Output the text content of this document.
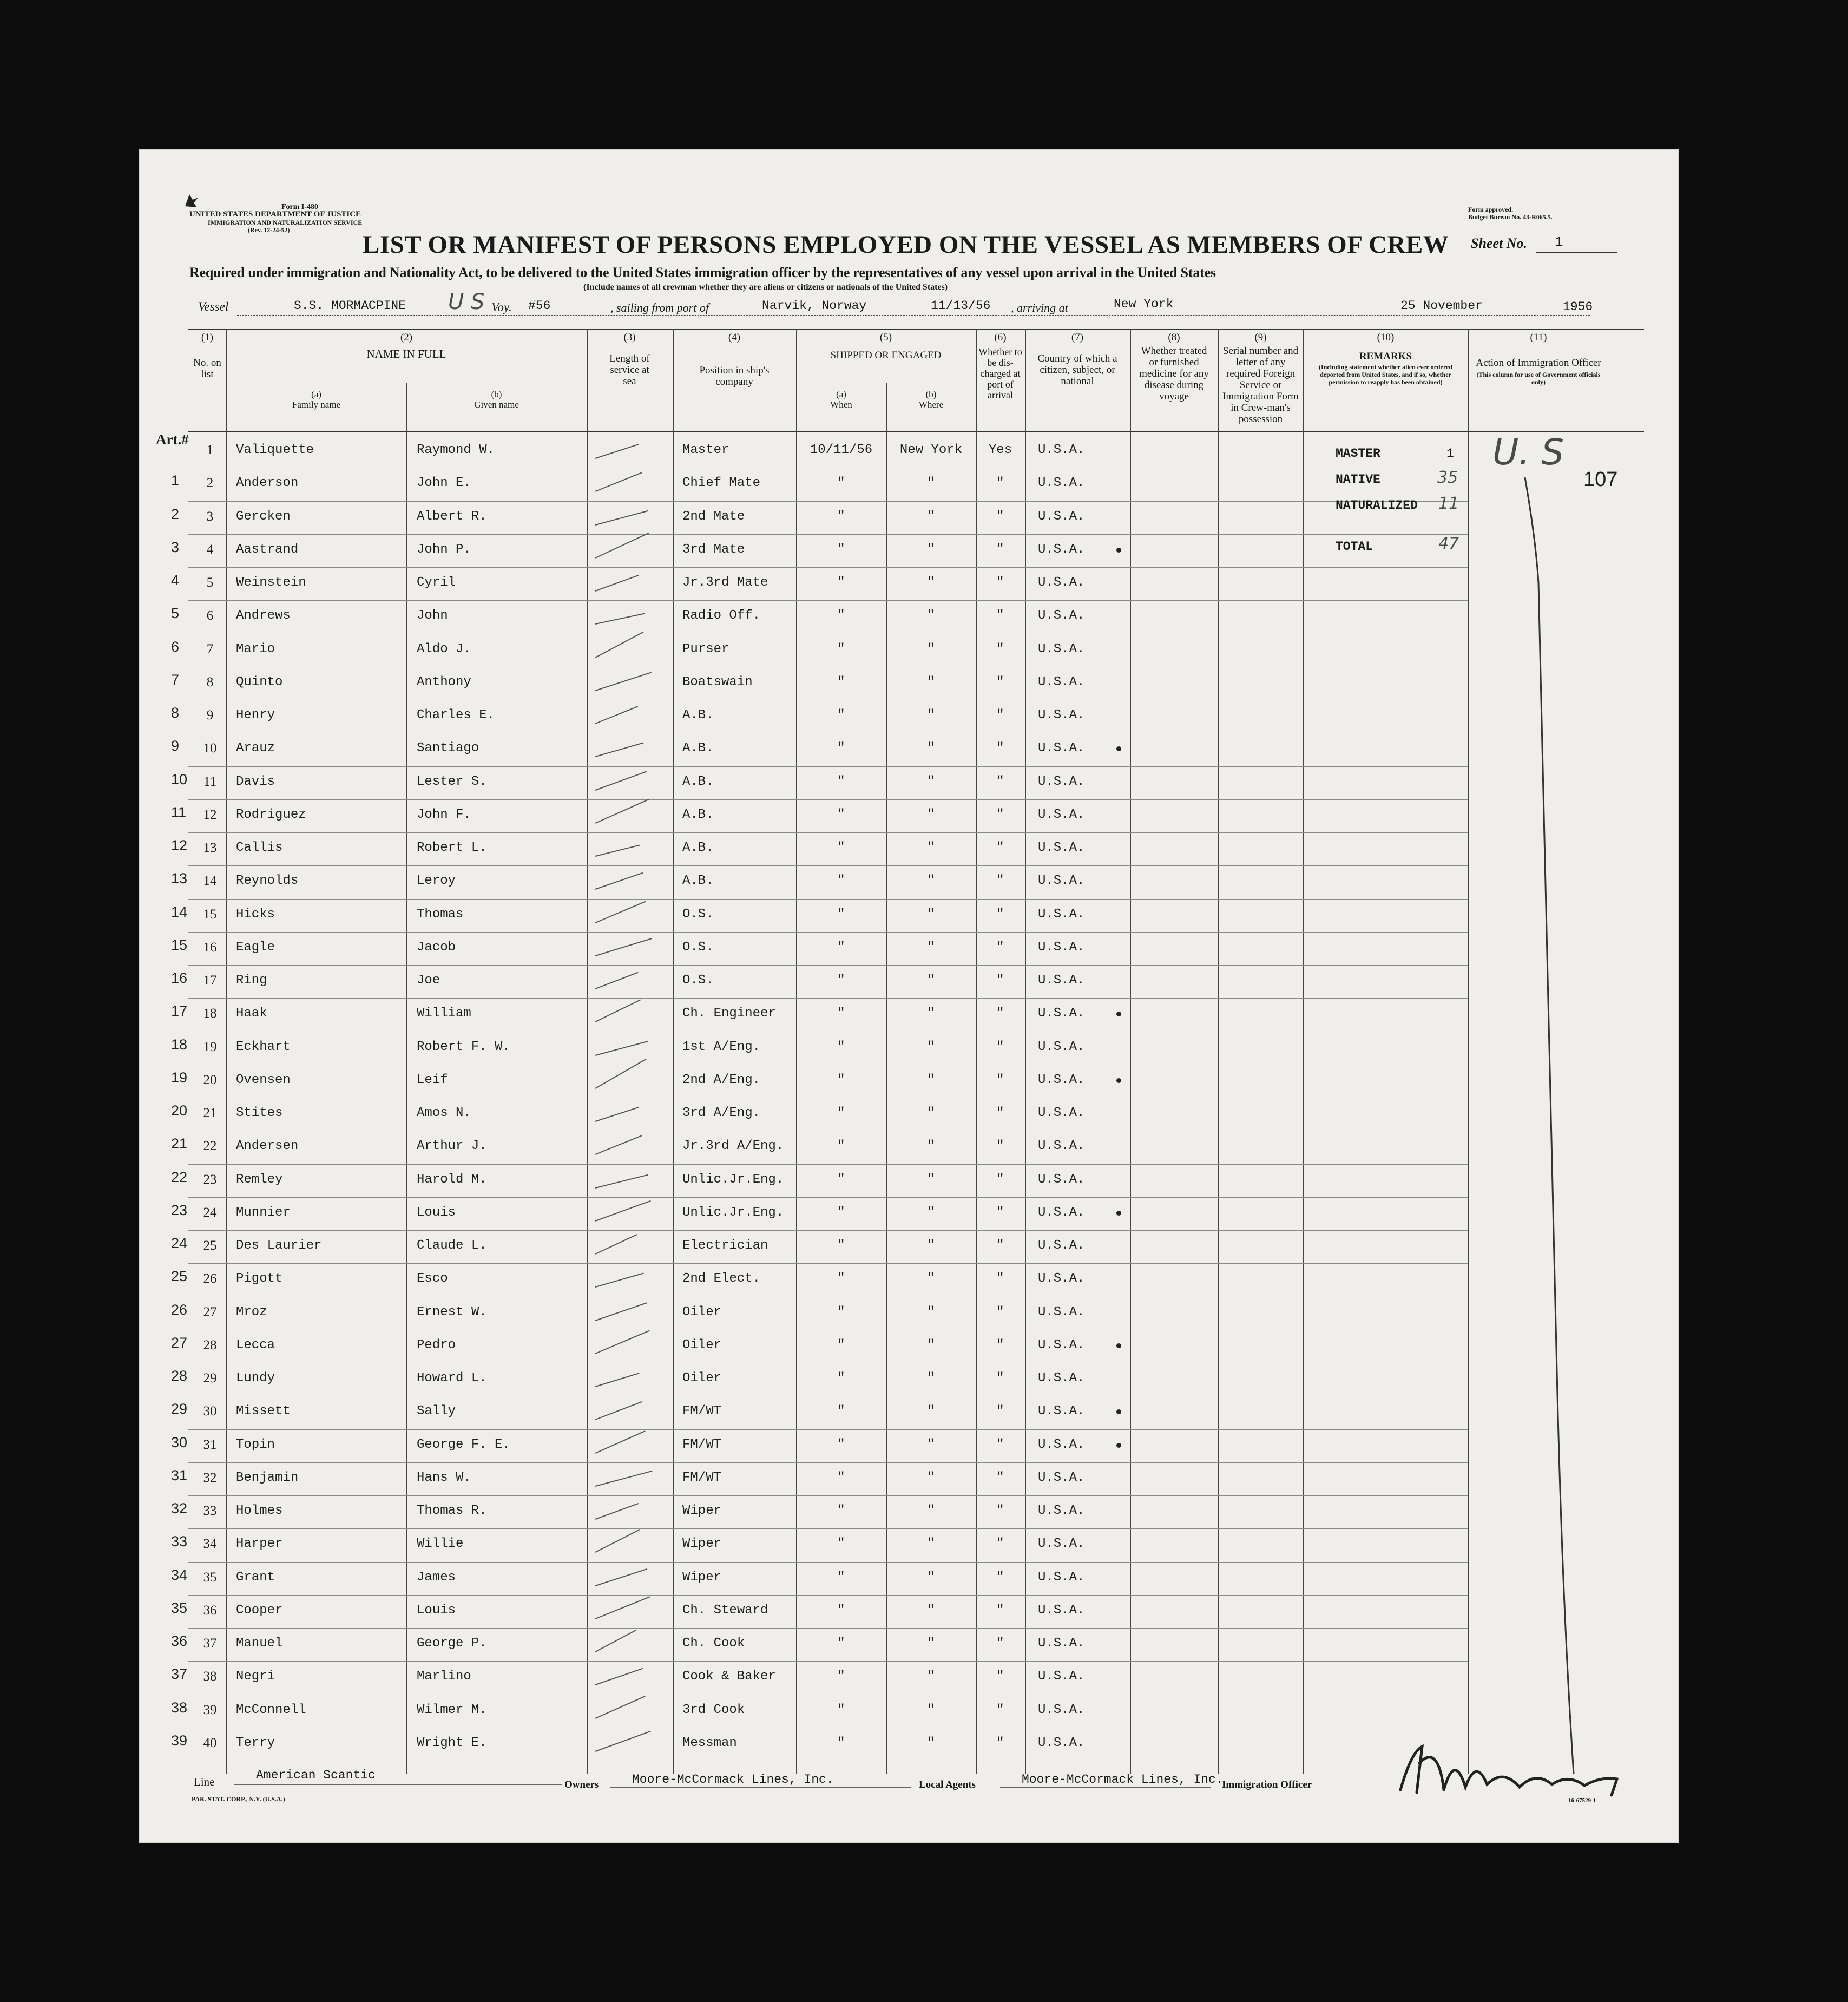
Form I-480
UNITED STATES DEPARTMENT OF JUSTICE
IMMIGRATION AND NATURALIZATION SERVICE
(Rev. 12-24-52)
Form approved.
Budget Bureau No. 43-R065.5.
LIST OR MANIFEST OF PERSONS EMPLOYED ON THE VESSEL AS MEMBERS OF CREW Sheet No. 1
Required under immigration and Nationality Act, to be delivered to the United States immigration officer by the representatives of any vessel upon arrival in the United States
(Include names of all crewman whether they are aliens or citizens or nationals of the United States)
Vessel	S.S. MORMACPINE U S Voy. #56	, sailing from port of	Narvik, Norway	11/13/56 , arriving at	New York	25 November	1956
(1)
No. on list
(2)
NAME IN FULL
(a)
Family name
(b)
Given name
(3)
Length of service at sea
(4)
Position in ship's company
(5)
SHIPPED OR ENGAGED
(a)
When
(b)
Where
(6)
Whether to be dis-charged at port of arrival
(7)
Country of which a citizen, subject, or national
(8)
Whether treated or furnished medicine for any disease during voyage
(9)
Serial number and letter of any required Foreign Service or Immigration Form in Crew-man's possession
(10)
REMARKS
(Including statement whether alien ever ordered deported from United States, and if so, whether permission to reapply has been obtained)
(11)
Action of Immigration Officer
(This column for use of Government officials only)
Art.#
1	Valiquette	Raymond W.	Master	10/11/56	New York	Yes	U.S.A.
1	2	Anderson	John E.	Chief Mate	"	"	"	U.S.A.
2	3	Gercken	Albert R.	2nd Mate	"	"	"	U.S.A.
3	4	Aastrand	John P.	3rd Mate	"	"	"	U.S.A.
4	5	Weinstein	Cyril	Jr.3rd Mate	"	"	"	U.S.A.
5	6	Andrews	John	Radio Off.	"	"	"	U.S.A.
6	7	Mario	Aldo J.	Purser	"	"	"	U.S.A.
7	8	Quinto	Anthony	Boatswain	"	"	"	U.S.A.
8	9	Henry	Charles E.	A.B.	"	"	"	U.S.A.
9	10	Arauz	Santiago	A.B.	"	"	"	U.S.A.
10	11	Davis	Lester S.	A.B.	"	"	"	U.S.A.
11	12	Rodriguez	John F.	A.B.	"	"	"	U.S.A.
12	13	Callis	Robert L.	A.B.	"	"	"	U.S.A.
13	14	Reynolds	Leroy	A.B.	"	"	"	U.S.A.
14	15	Hicks	Thomas	O.S.	"	"	"	U.S.A.
15	16	Eagle	Jacob	O.S.	"	"	"	U.S.A.
16	17	Ring	Joe	O.S.	"	"	"	U.S.A.
17	18	Haak	William	Ch. Engineer	"	"	"	U.S.A.
18	19	Eckhart	Robert F. W.	1st A/Eng.	"	"	"	U.S.A.
19	20	Ovensen	Leif	2nd A/Eng.	"	"	"	U.S.A.
20	21	Stites	Amos N.	3rd A/Eng.	"	"	"	U.S.A.
21	22	Andersen	Arthur J.	Jr.3rd A/Eng.	"	"	"	U.S.A.
22	23	Remley	Harold M.	Unlic.Jr.Eng.	"	"	"	U.S.A.
23	24	Munnier	Louis	Unlic.Jr.Eng.	"	"	"	U.S.A.
24	25	Des Laurier	Claude L.	Electrician	"	"	"	U.S.A.
25	26	Pigott	Esco	2nd Elect.	"	"	"	U.S.A.
26	27	Mroz	Ernest W.	Oiler	"	"	"	U.S.A.
27	28	Lecca	Pedro	Oiler	"	"	"	U.S.A.
28	29	Lundy	Howard L.	Oiler	"	"	"	U.S.A.
29	30	Missett	Sally	FM/WT	"	"	"	U.S.A.
30	31	Topin	George F. E.	FM/WT	"	"	"	U.S.A.
31	32	Benjamin	Hans W.	FM/WT	"	"	"	U.S.A.
32	33	Holmes	Thomas R.	Wiper	"	"	"	U.S.A.
33	34	Harper	Willie	Wiper	"	"	"	U.S.A.
34	35	Grant	James	Wiper	"	"	"	U.S.A.
35	36	Cooper	Louis	Ch. Steward	"	"	"	U.S.A.
36	37	Manuel	George P.	Ch. Cook	"	"	"	U.S.A.
37	38	Negri	Marlino	Cook & Baker	"	"	"	U.S.A.
38	39	McConnell	Wilmer M.	3rd Cook	"	"	"	U.S.A.
39	40	Terry	Wright E.	Messman	"	"	"	U.S.A.
MASTER	1
NATIVE	35
NATURALIZED 11
TOTAL	47
U. S
107
Line	American Scantic
Owners	Moore-McCormack Lines, Inc.	Local Agents	Moore-McCormack Lines, Inc.
Immigration Officer
PAR. STAT. CORP., N.Y. (U.S.A.)	16-67529-1
